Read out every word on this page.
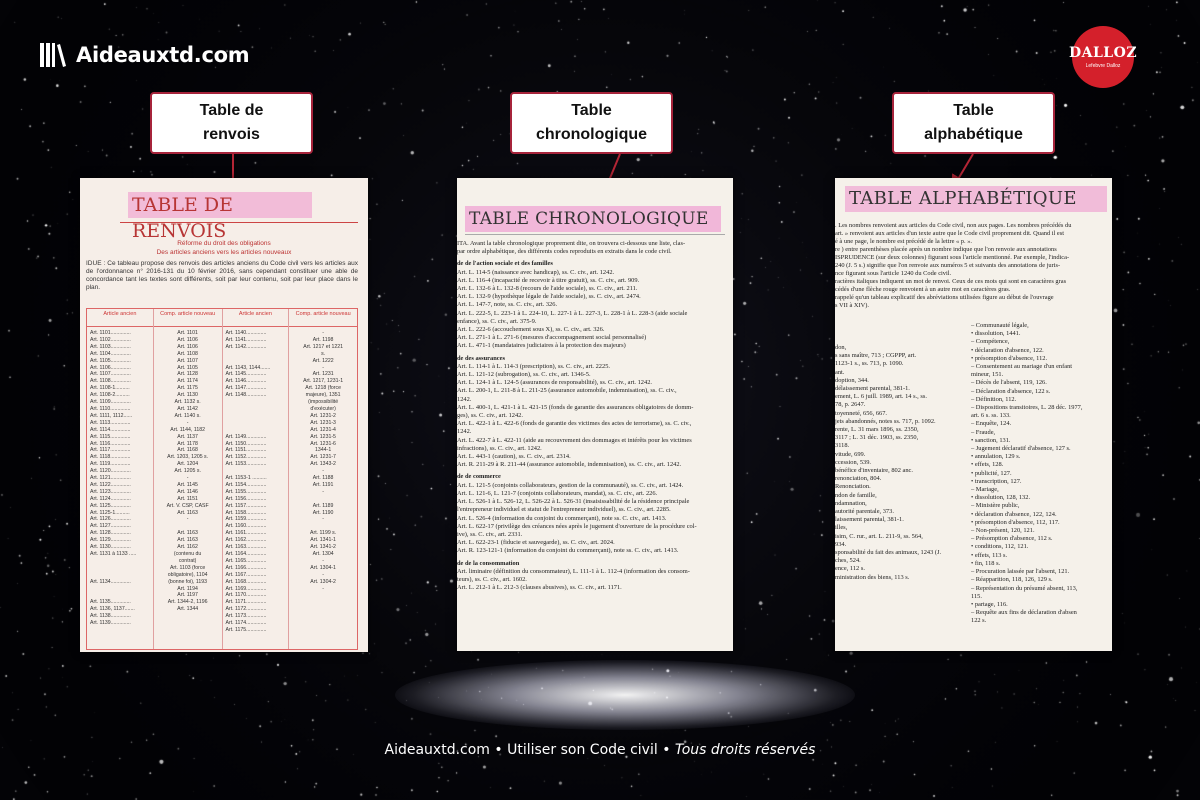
Aideauxtd.com	DALLOZ
Lefebvre Dalloz
Table de
renvois
Table
chronologique
Table
alphabétique
TABLE DE RENVOIS
Réforme du droit des obligations
Des articles anciens vers les articles nouveaux
IDUE : Ce tableau propose des renvois des articles anciens du Code civil vers les articles aux de l'ordonnance n° 2016-131 du 10 février 2016, sans cependant constituer une able de concordance tant les textes sont différents, soit par leur contenu, soit par leur place dans le plan.
Article ancien
Art. 1101..............
Art. 1102..............
Art. 1103..............
Art. 1104..............
Art. 1105..............
Art. 1106..............
Art. 1107..............
Art. 1108..............
Art. 1108-1..........
Art. 1108-2..........
Art. 1109..............
Art. 1110..............
Art. 1111, 1112......
Art. 1113..............
Art. 1114..............
Art. 1115..............
Art. 1116..............
Art. 1117..............
Art. 1118..............
Art. 1119..............
Art. 1120..............
Art. 1121..............
Art. 1122..............
Art. 1123..............
Art. 1124..............
Art. 1125..............
Art. 1125-1..........
Art. 1126..............
Art. 1127..............
Art. 1128..............
Art. 1129..............
Art. 1130..............
Art. 1131 à 1133 .....

Art. 1134..............

Art. 1135..............
Art. 1136, 1137.......
Art. 1138..............
Art. 1139..............
Comp. article nouveau
Art. 1101
Art. 1106
Art. 1106
Art. 1108
Art. 1107
Art. 1105
Art. 1128
Art. 1174
Art. 1175
Art. 1130
Art. 1132 s.
Art. 1142
Art. 1140 s.
-
Art. 1144, 1182
Art. 1137
Art. 1178
Art. 1168
Art. 1203, 1205 s.
Art. 1204
Art. 1205 s.
-
Art. 1145
Art. 1146
Art. 1151
Art. V. CSP, CASF
Art. 1163
-

Art. 1163
Art. 1163
Art. 1162
(contenu du
contrat)
Art. 1103 (force
obligatoire), 1104
(bonne foi), 1193
Art. 1194
Art. 1197
Art. 1344-2, 1196
Art. 1344
Article ancien
Art. 1140..............
Art. 1141..............
Art. 1142..............

Art. 1143, 1144.......
Art. 1145..............
Art. 1146..............
Art. 1147..............
Art. 1148..............

Art. 1149..............
Art. 1150..............
Art. 1151..............
Art. 1152..............
Art. 1153..............

Art. 1153-1 ..........
Art. 1154..............
Art. 1155..............
Art. 1156..............
Art. 1157..............
Art. 1158..............
Art. 1159..............
Art. 1160..............
Art. 1161..............
Art. 1162..............
Art. 1163..............
Art. 1164..............
Art. 1165..............
Art. 1166..............
Art. 1167..............
Art. 1168..............
Art. 1169..............
Art. 1170..............
Art. 1171..............
Art. 1172..............
Art. 1173..............
Art. 1174..............
Art. 1175..............
Comp. article nouveau
-
Art. 1198
Art. 1217 et 1221
s.
Art. 1222
-
Art. 1231
Art. 1217, 1231-1
Art. 1218 (force
majeure), 1351
(impossibilité
d'exécuter)
Art. 1231-2
Art. 1231-3
Art. 1231-4
Art. 1231-5
Art. 1231-6
1344-1
Art. 1231-7
Art. 1343-2
-
Art. 1188
Art. 1191
-

Art. 1189
Art. 1190
-

Art. 1199 s.
Art. 1341-1
Art. 1341-2
Art. 1304
-
Art. 1304-1
-
Art. 1304-2
-
TABLE CHRONOLOGIQUE

ITA. Avant la table chronologique proprement dite, on trouvera ci-dessous une liste, clas-

par ordre alphabétique, des différents codes reproduits en extraits dans le code civil.

de de l'action sociale et des familles

Art. L. 114-5 (naissance avec handicap), ss. C. civ., art. 1242.

Art. L. 116-4 (incapacité de recevoir à titre gratuit), ss. C. civ., art. 909.

Art. L. 132-6 à L. 132-8 (recours de l'aide sociale), ss. C. civ., art. 211.

Art. L. 132-9 (hypothèque légale de l'aide sociale), ss. C. civ., art. 2474.

Art. L. 147-7, note, ss. C. civ., art. 326.

Art. L. 222-5, L. 223-1 à L. 224-10, L. 227-1 à L. 227-3, L. 228-1 à L. 228-3 (aide sociale

enfance), ss. C. civ., art. 375-9.

Art. L. 222-6 (accouchement sous X), ss. C. civ., art. 326.

Art. L. 271-1 à L. 271-6 (mesures d'accompagnement social personnalisé)

Art. L. 471-1 (mandataires judiciaires à la protection des majeurs)

de des assurances

Art. L. 114-1 à L. 114-3 (prescription), ss. C. civ., art. 2225.

Art. L. 121-12 (subrogation), ss. C. civ., art. 1346-5.

Art. L. 124-1 à L. 124-5 (assurances de responsabilité), ss. C. civ., art. 1242.

Art. L. 200-1, L. 211-8 à L. 211-25 (assurance automobile, indemnisation), ss. C. civ.,

1242.

Art. L. 400-1, L. 421-1 à L. 421-15 (fonds de garantie des assurances obligatoires de domm-

ges), ss. C. civ., art. 1242.

Art. L. 422-1 à L. 422-6 (fonds de garantie des victimes des actes de terrorisme), ss. C. civ.,

1242.

Art. L. 422-7 à L. 422-11 (aide au recouvrement des dommages et intérêts pour les victimes

infractions), ss. C. civ., art. 1242.

Art. L. 443-1 (caution), ss. C. civ., art. 2314.

Art. R. 211-29 à R. 211-44 (assurance automobile, indemnisation), ss. C. civ., art. 1242.

de de commerce

Art. L. 121-5 (conjoints collaborateurs, gestion de la communauté), ss. C. civ., art. 1424.

Art. L. 121-6, L. 121-7 (conjoints collaborateurs, mandat), ss. C. civ., art. 226.

Art. L. 526-1 à L. 526-12, L. 526-22 à L. 526-31 (insaisissabilité de la résidence principale

l'entrepreneur individuel et statut de l'entrepreneur individuel), ss. C. civ., art. 2285.

Art. L. 526-4 (information du conjoint du commerçant), note ss. C. civ., art. 1413.

Art. L. 622-17 (privilège des créances nées après le jugement d'ouverture de la procédure col-

ive), ss. C. civ., art. 2331.

Art. L. 622-23-1 (fiducie et sauvegarde), ss. C. civ., art. 2024.

Art. R. 123-121-1 (information du conjoint du commerçant), note ss. C. civ., art. 1413.

de de la consommation

Art. liminaire (définition du consommateur), L. 111-1 à L. 112-4 (information des consom-

teurs), ss. C. civ., art. 1602.

Art. L. 212-1 à L. 212-3 (clauses abusives), ss. C. civ., art. 1171.

TABLE ALPHABÉTIQUE

. Les nombres renvoient aux articles du Code civil, non aux pages. Les nombres précédés du

art. » renvoient aux articles d'un texte autre que le Code civil proprement dit. Quand il est

é à une page, le nombre est précédé de la lettre « p. ».

re ) entre parenthèses placée après un nombre indique que l'on renvoie aux annotations

ISPRUDENCE (sur deux colonnes) figurant sous l'article mentionné. Par exemple, l'indica-

240 (J. 5 s.) signifie que l'on renvoie aux numéros 5 et suivants des annotations de juris-

nce figurant sous l'article 1240 du Code civil.

ractères italiques indiquent un mot de renvoi. Ceux de ces mots qui sont en caractères gras

cédés d'une flèche rouge renvoient à un autre mot en caractères gras.

rappelé qu'un tableau explicatif des abréviations utilisées figure au début de l'ouvrage

s VII à XIV).

don,

s sans maître, 713 ; CGPPP, art.

1123-1 s., ss. 713, p. 1090.

ant.

doption, 344.

délaissement parental, 381-1.

ement, L. 6 juill. 1989, art. 14 s., ss.

78, p. 2647.

toyenneté, 656, 667.

jets abandonnés, notes ss. 717, p. 1092.

rente, L. 31 mars 1896, ss. 2350,

3117 ; L. 31 déc. 1903, ss. 2350,

3118.

vitude, 699.

ccession, 539.

bénéfice d'inventaire, 802 anc.

renonciation, 804.

Renonciation.

ndon de famille,

ndamnation,

autorité parentale, 373.

laissement parental, 381-1.

illes,

isim, C. rur., art. L. 211-9, ss. 564,

934.

sponsabilité du fait des animaux, 1243 (J.

ches, 524.

ence, 112 s.

ministration des biens, 113 s.

– Communauté légale,

• dissolution, 1441.

– Compétence,

• déclaration d'absence, 122.

• présomption d'absence, 112.

– Consentement au mariage d'un enfant

mineur, 151.

– Décès de l'absent, 119, 126.

– Déclaration d'absence, 122 s.

– Définition, 112.

– Dispositions transitoires, L. 28 déc. 1977,

art. 6 s. ss. 133.

– Enquête, 124.

– Fraude,

• sanction, 131.

– Jugement déclaratif d'absence, 127 s.

• annulation, 129 s.

• effets, 128.

• publicité, 127.

• transcription, 127.

– Mariage,

• dissolution, 128, 132.

– Ministère public,

• déclaration d'absence, 122, 124.

• présomption d'absence, 112, 117.

– Non-présent, 120, 121.

– Présomption d'absence, 112 s.

• conditions, 112, 121.

• effets, 113 s.

• fin, 118 s.

– Procuration laissée par l'absent, 121.

– Réapparition, 118, 126, 129 s.

– Représentation du présumé absent, 113,

115.

• partage, 116.

– Requête aux fins de déclaration d'absen

122 s.

Aideauxtd.com • Utiliser son Code civil • Tous droits réservés
